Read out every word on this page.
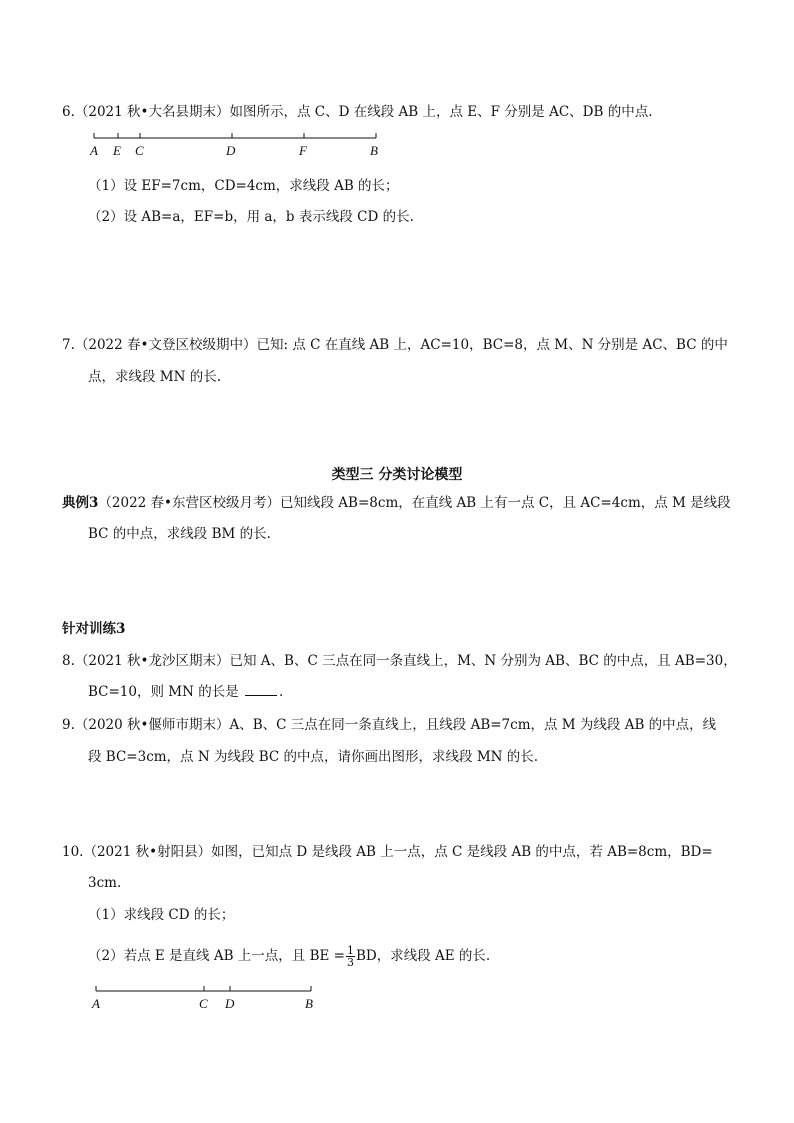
6.（2021 秋•大名县期末）如图所示，点 C、D 在线段 AB 上，点 E、F 分别是 AC、DB 的中点.
A E C	D	F	B
（1）设 EF=7cm，CD=4cm，求线段 AB 的长；
（2）设 AB=a，EF=b，用 a，b 表示线段 CD 的长.
7.（2022 春•文登区校级期中）已知: 点 C 在直线 AB 上，AC=10，BC=8，点 M、N 分别是 AC、BC 的中
点，求线段 MN 的长.
类型三 分类讨论模型
典例3（2022 春•东营区校级月考）已知线段 AB=8cm，在直线 AB 上有一点 C，且 AC=4cm，点 M 是线段
BC 的中点，求线段 BM 的长.
针对训练3
8.（2021 秋•龙沙区期末）已知 A、B、C 三点在同一条直线上，M、N 分别为 AB、BC 的中点，且 AB=30，
BC=10，则 MN 的长是	.
9.（2020 秋•偃师市期末）A、B、C 三点在同一条直线上，且线段 AB=7cm，点 M 为线段 AB 的中点，线
段 BC=3cm，点 N 为线段 BC 的中点，请你画出图形，求线段 MN 的长.
10.（2021 秋•射阳县）如图，已知点 D 是线段 AB 上一点，点 C 是线段 AB 的中点，若 AB=8cm，BD=
3cm.
（1）求线段 CD 的长；
（2）若点 E 是直线 AB 上一点，且 BE = $\frac{1}{3}$ BD，求线段 AE 的长.
A	C D	B
